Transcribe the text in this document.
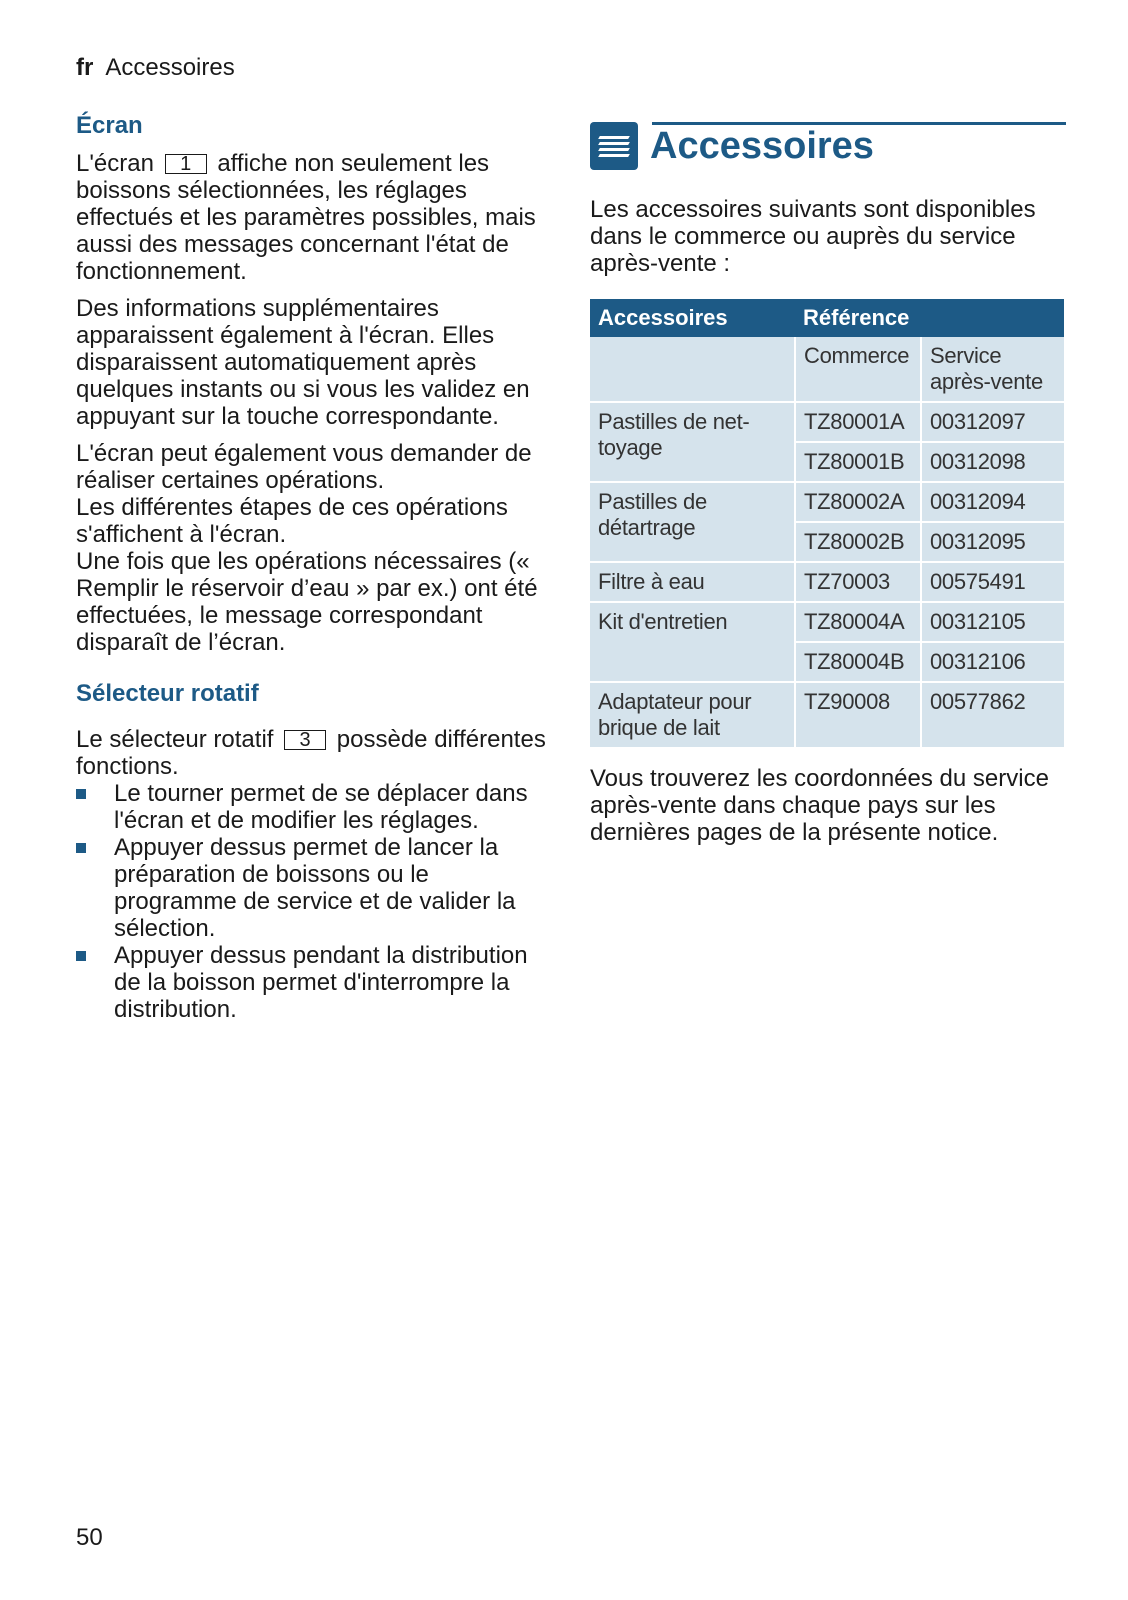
fr Accessoires
Écran

L'écran 1 affiche non seulement les boissons sélectionnées, les réglages effectués et les paramètres possibles, mais aussi des messages concernant l'état de fonctionnement.

Des informations supplémentaires apparaissent également à l'écran. Elles disparaissent automatiquement après quelques instants ou si vous les validez en appuyant sur la touche correspondante.

L'écran peut également vous demander de réaliser certaines opérations.
Les différentes étapes de ces opérations s'affichent à l'écran.
Une fois que les opérations nécessaires (« Remplir le réservoir d’eau » par ex.) ont été effectuées, le message correspondant disparaît de l’écran.

Sélecteur rotatif

Le sélecteur rotatif 3 possède différentes fonctions.

Le tourner permet de se déplacer dans l'écran et de modifier les réglages.
Appuyer dessus permet de lancer la préparation de boissons ou le programme de service et de valider la sélection.
Appuyer dessus pendant la distribution de la boisson permet d'interrompre la distribution.
Accessoires

Les accessoires suivants sont disponibles dans le commerce ou auprès du service après-vente :

Accessoires	Référence	
	Commerce	Service après-vente
Pastilles de net-toyage	TZ80001A	00312097
	TZ80001B	00312098
Pastilles de détartrage	TZ80002A	00312094
	TZ80002B	00312095
Filtre à eau	TZ70003	00575491
Kit d'entretien	TZ80004A	00312105
	TZ80004B	00312106
Adaptateur pour brique de lait	TZ90008	00577862

Vous trouverez les coordonnées du service après-vente dans chaque pays sur les dernières pages de la présente notice.

50
